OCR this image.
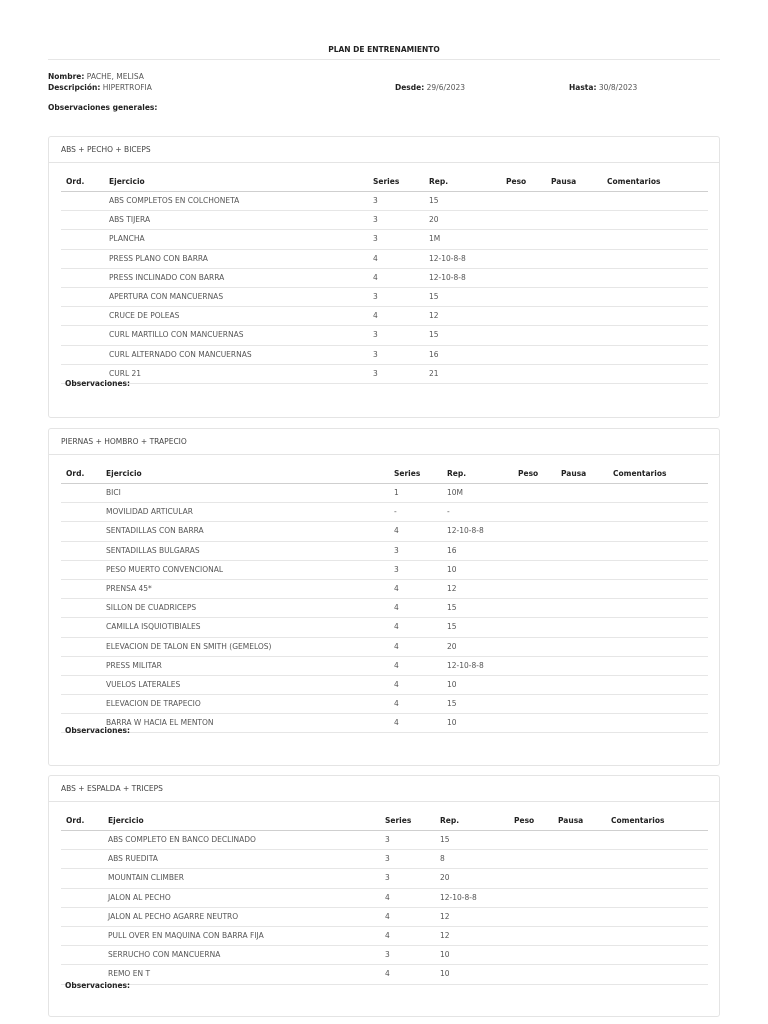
PLAN DE ENTRENAMIENTO
Nombre: PACHE, MELISA
Descripción: HIPERTROFIA	Desde: 29/6/2023	Hasta: 30/8/2023
Observaciones generales:
ABS + PECHO + BICEPS
Ord.	Ejercicio	Series	Rep.	Peso	Pausa	Comentarios
ABS COMPLETOS EN COLCHONETA	3	15
ABS TIJERA	3	20
PLANCHA	3	1M
PRESS PLANO CON BARRA	4	12-10-8-8
PRESS INCLINADO CON BARRA	4	12-10-8-8
APERTURA CON MANCUERNAS	3	15
CRUCE DE POLEAS	4	12
CURL MARTILLO CON MANCUERNAS	3	15
CURL ALTERNADO CON MANCUERNAS	3	16
CURL 21	3	21
Observaciones:
PIERNAS + HOMBRO + TRAPECIO
Ord.	Ejercicio	Series	Rep.	Peso	Pausa	Comentarios
BICI	1	10M
MOVILIDAD ARTICULAR	-	-
SENTADILLAS CON BARRA	4	12-10-8-8
SENTADILLAS BULGARAS	3	16
PESO MUERTO CONVENCIONAL	3	10
PRENSA 45*	4	12
SILLON DE CUADRICEPS	4	15
CAMILLA ISQUIOTIBIALES	4	15
ELEVACION DE TALON EN SMITH (GEMELOS)	4	20
PRESS MILITAR	4	12-10-8-8
VUELOS LATERALES	4	10
ELEVACION DE TRAPECIO	4	15
BARRA W HACIA EL MENTON	4	10
Observaciones:
ABS + ESPALDA + TRICEPS
Ord.	Ejercicio	Series	Rep.	Peso	Pausa	Comentarios
ABS COMPLETO EN BANCO DECLINADO	3	15
ABS RUEDITA	3	8
MOUNTAIN CLIMBER	3	20
JALON AL PECHO	4	12-10-8-8
JALON AL PECHO AGARRE NEUTRO	4	12
PULL OVER EN MAQUINA CON BARRA FIJA	4	12
SERRUCHO CON MANCUERNA	3	10
REMO EN T	4	10
Observaciones:
